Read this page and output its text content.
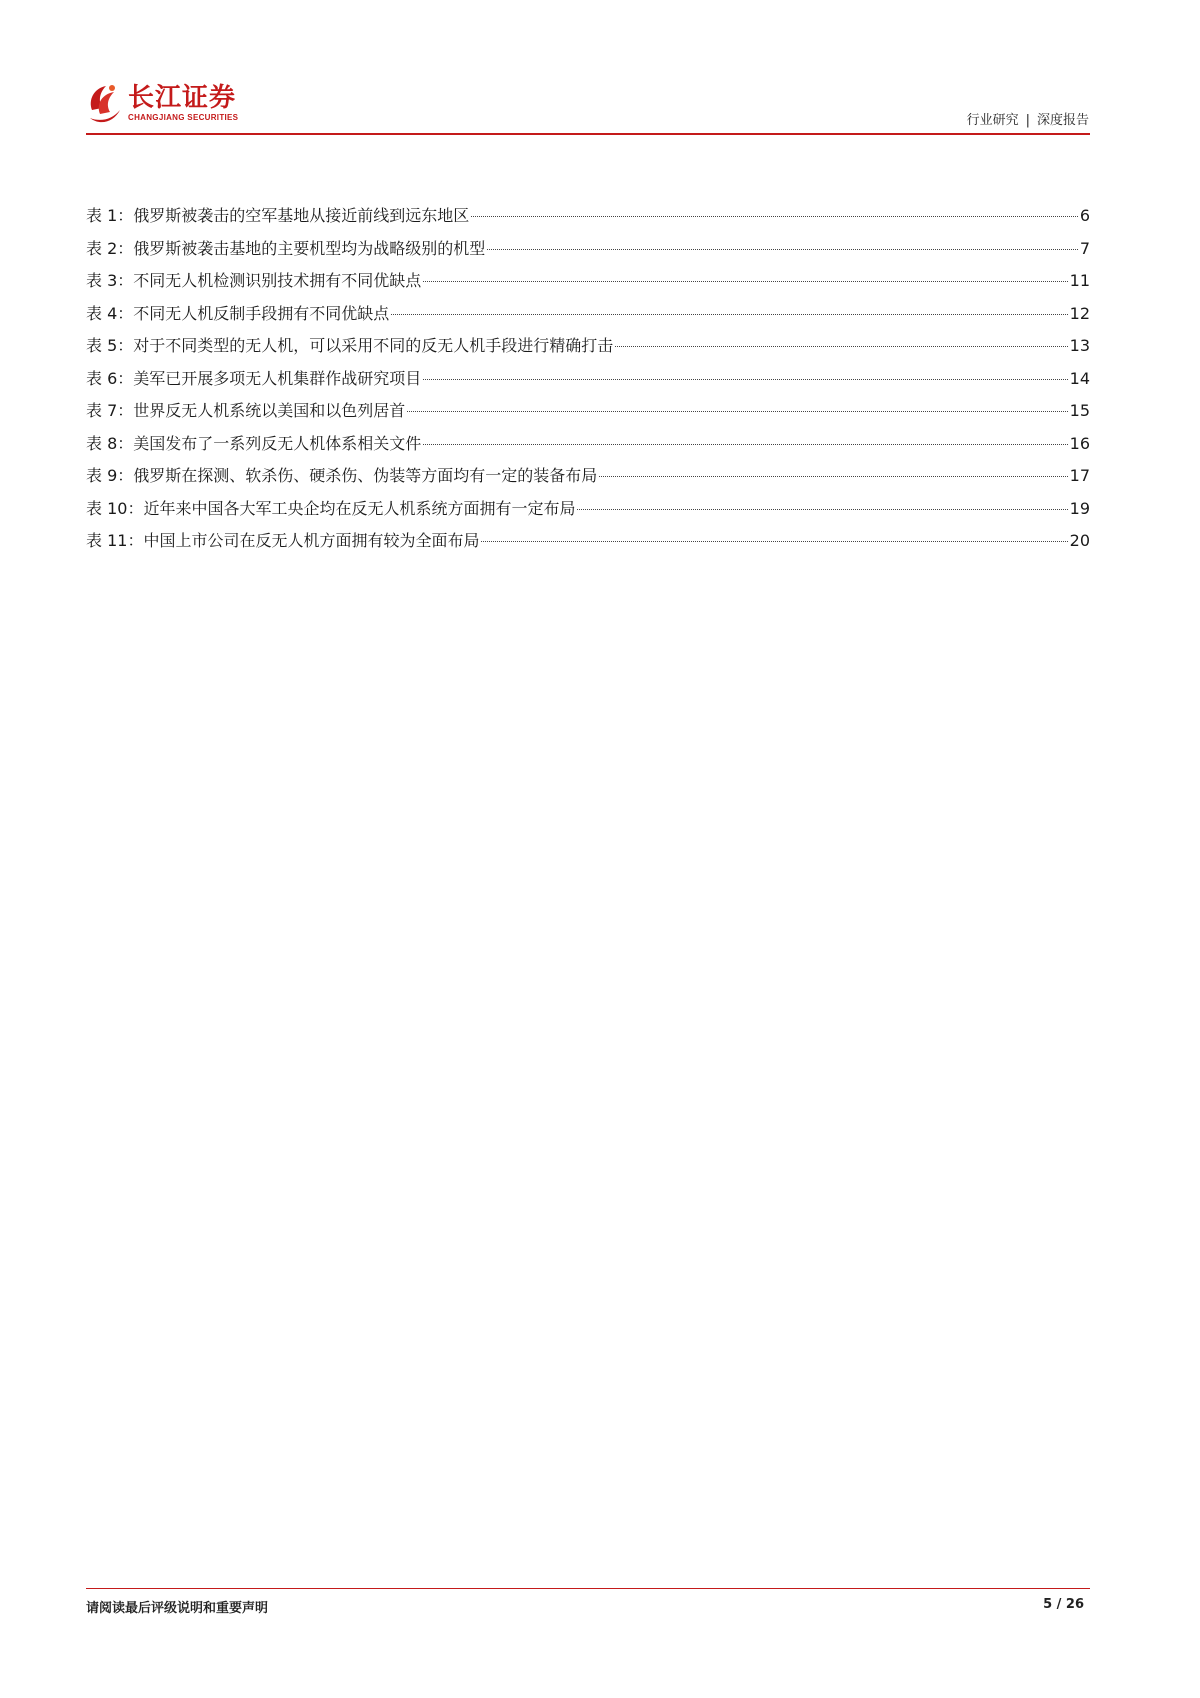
长江证券
CHANGJIANG SECURITIES	行业研究 | 深度报告
表 1：俄罗斯被袭击的空军基地从接近前线到远东地区	6
表 2：俄罗斯被袭击基地的主要机型均为战略级别的机型	7
表 3：不同无人机检测识别技术拥有不同优缺点	11
表 4：不同无人机反制手段拥有不同优缺点	12
表 5：对于不同类型的无人机，可以采用不同的反无人机手段进行精确打击	13
表 6：美军已开展多项无人机集群作战研究项目	14
表 7：世界反无人机系统以美国和以色列居首	15
表 8：美国发布了一系列反无人机体系相关文件	16
表 9：俄罗斯在探测、软杀伤、硬杀伤、伪装等方面均有一定的装备布局	17
表 10：近年来中国各大军工央企均在反无人机系统方面拥有一定布局	19
表 11：中国上市公司在反无人机方面拥有较为全面布局	20
请阅读最后评级说明和重要声明	5 / 26
